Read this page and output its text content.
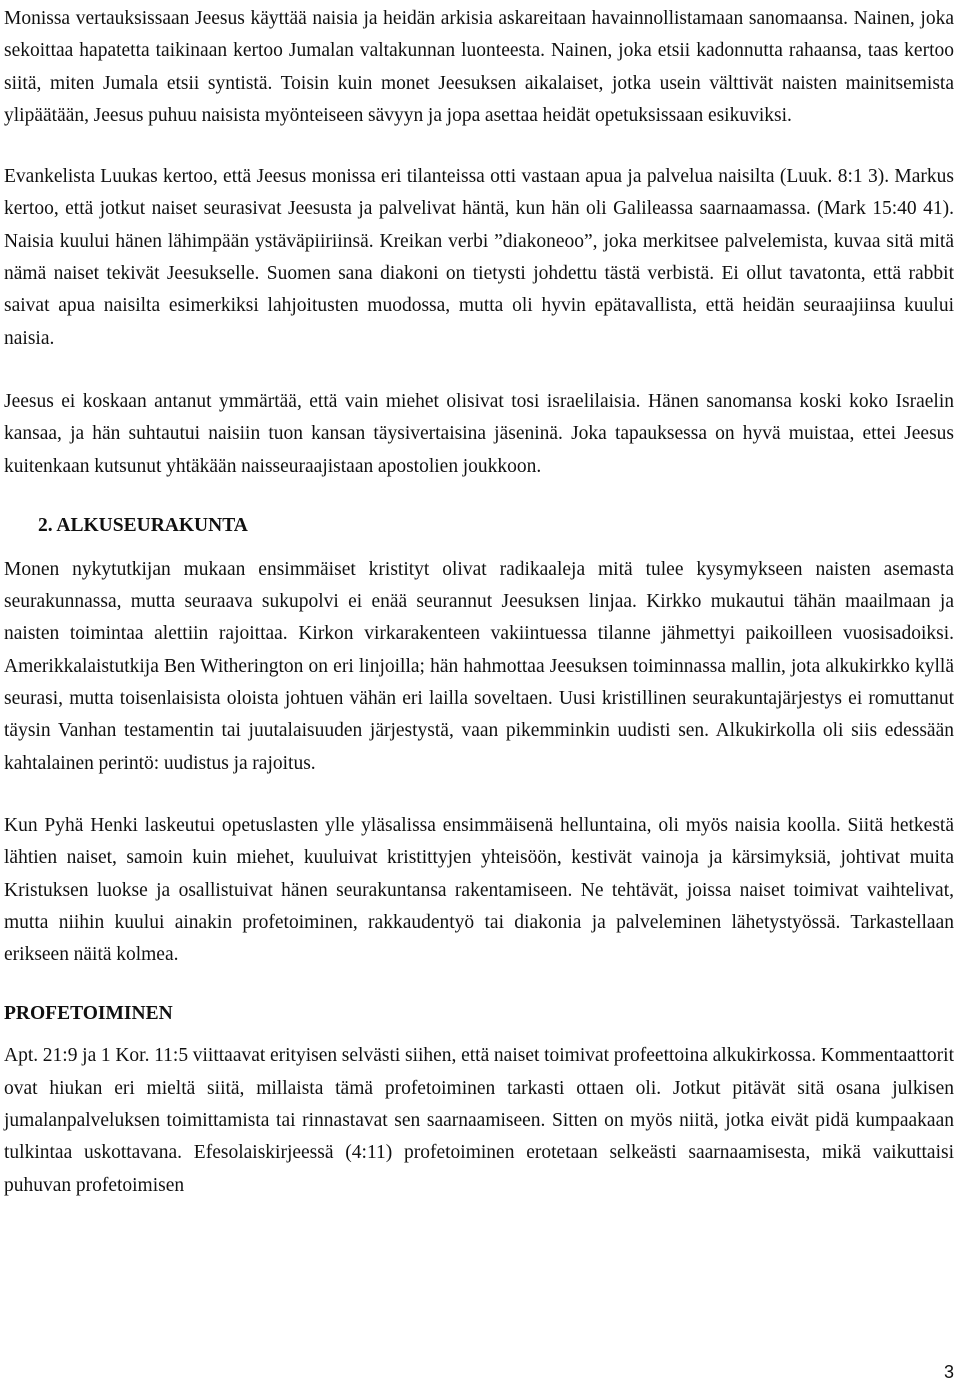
Monissa vertauksissaan Jeesus käyttää naisia ja heidän arkisia askareitaan havainnollistamaan sanomaansa. Nainen, joka sekoittaa hapatetta taikinaan kertoo Jumalan valtakunnan luonteesta. Nainen, joka etsii kadonnutta rahaansa, taas kertoo siitä, miten Jumala etsii syntistä. Toisin kuin monet Jeesuksen aikalaiset, jotka usein välttivät naisten mainitsemista ylipäätään, Jeesus puhuu naisista myönteiseen sävyyn ja jopa asettaa heidät opetuksissaan esikuviksi.

Evankelista Luukas kertoo, että Jeesus monissa eri tilanteissa otti vastaan apua ja palvelua naisilta (Luuk. 8:1 3). Markus kertoo, että jotkut naiset seurasivat Jeesusta ja palvelivat häntä, kun hän oli Galileassa saarnaamassa. (Mark 15:40 41). Naisia kuului hänen lähimpään ystäväpiiriinsä. Kreikan verbi ”diakoneoo”, joka merkitsee palvelemista, kuvaa sitä mitä nämä naiset tekivät Jeesukselle. Suomen sana diakoni on tietysti johdettu tästä verbistä. Ei ollut tavatonta, että rabbit saivat apua naisilta esimerkiksi lahjoitusten muodossa, mutta oli hyvin epätavallista, että heidän seuraajiinsa kuului naisia.

Jeesus ei koskaan antanut ymmärtää, että vain miehet olisivat tosi israelilaisia. Hänen sanomansa koski koko Israelin kansaa, ja hän suhtautui naisiin tuon kansan täysivertaisina jäseninä. Joka tapauksessa on hyvä muistaa, ettei Jeesus kuitenkaan kutsunut yhtäkään naisseuraajistaan apostolien joukkoon.

2. ALKUSEURAKUNTA

Monen nykytutkijan mukaan ensimmäiset kristityt olivat radikaaleja mitä tulee kysymykseen naisten asemasta seurakunnassa, mutta seuraava sukupolvi ei enää seurannut Jeesuksen linjaa. Kirkko mukautui tähän maailmaan ja naisten toimintaa alettiin rajoittaa. Kirkon virkarakenteen vakiintuessa tilanne jähmettyi paikoilleen vuosisadoiksi. Amerikkalaistutkija Ben Witherington on eri linjoilla; hän hahmottaa Jeesuksen toiminnassa mallin, jota alkukirkko kyllä seurasi, mutta toisenlaisista oloista johtuen vähän eri lailla soveltaen. Uusi kristillinen seurakuntajärjestys ei romuttanut täysin Vanhan testamentin tai juutalaisuuden järjestystä, vaan pikemminkin uudisti sen. Alkukirkolla oli siis edessään kahtalainen perintö: uudistus ja rajoitus.

Kun Pyhä Henki laskeutui opetuslasten ylle yläsalissa ensimmäisenä helluntaina, oli myös naisia koolla. Siitä hetkestä lähtien naiset, samoin kuin miehet, kuuluivat kristittyjen yhteisöön, kestivät vainoja ja kärsimyksiä, johtivat muita Kristuksen luokse ja osallistuivat hänen seurakuntansa rakentamiseen. Ne tehtävät, joissa naiset toimivat vaihtelivat, mutta niihin kuului ainakin profetoiminen, rakkaudentyö tai diakonia ja palveleminen lähetystyössä. Tarkastellaan erikseen näitä kolmea.

PROFETOIMINEN

Apt. 21:9 ja 1 Kor. 11:5 viittaavat erityisen selvästi siihen, että naiset toimivat profeettoina alkukirkossa. Kommentaattorit ovat hiukan eri mieltä siitä, millaista tämä profetoiminen tarkasti ottaen oli. Jotkut pitävät sitä osana julkisen jumalanpalveluksen toimittamista tai rinnastavat sen saarnaamiseen. Sitten on myös niitä, jotka eivät pidä kumpaakaan tulkintaa uskottavana. Efesolaiskirjeessä (4:11) profetoiminen erotetaan selkeästi saarnaamisesta, mikä vaikuttaisi puhuvan profetoimisen

3
